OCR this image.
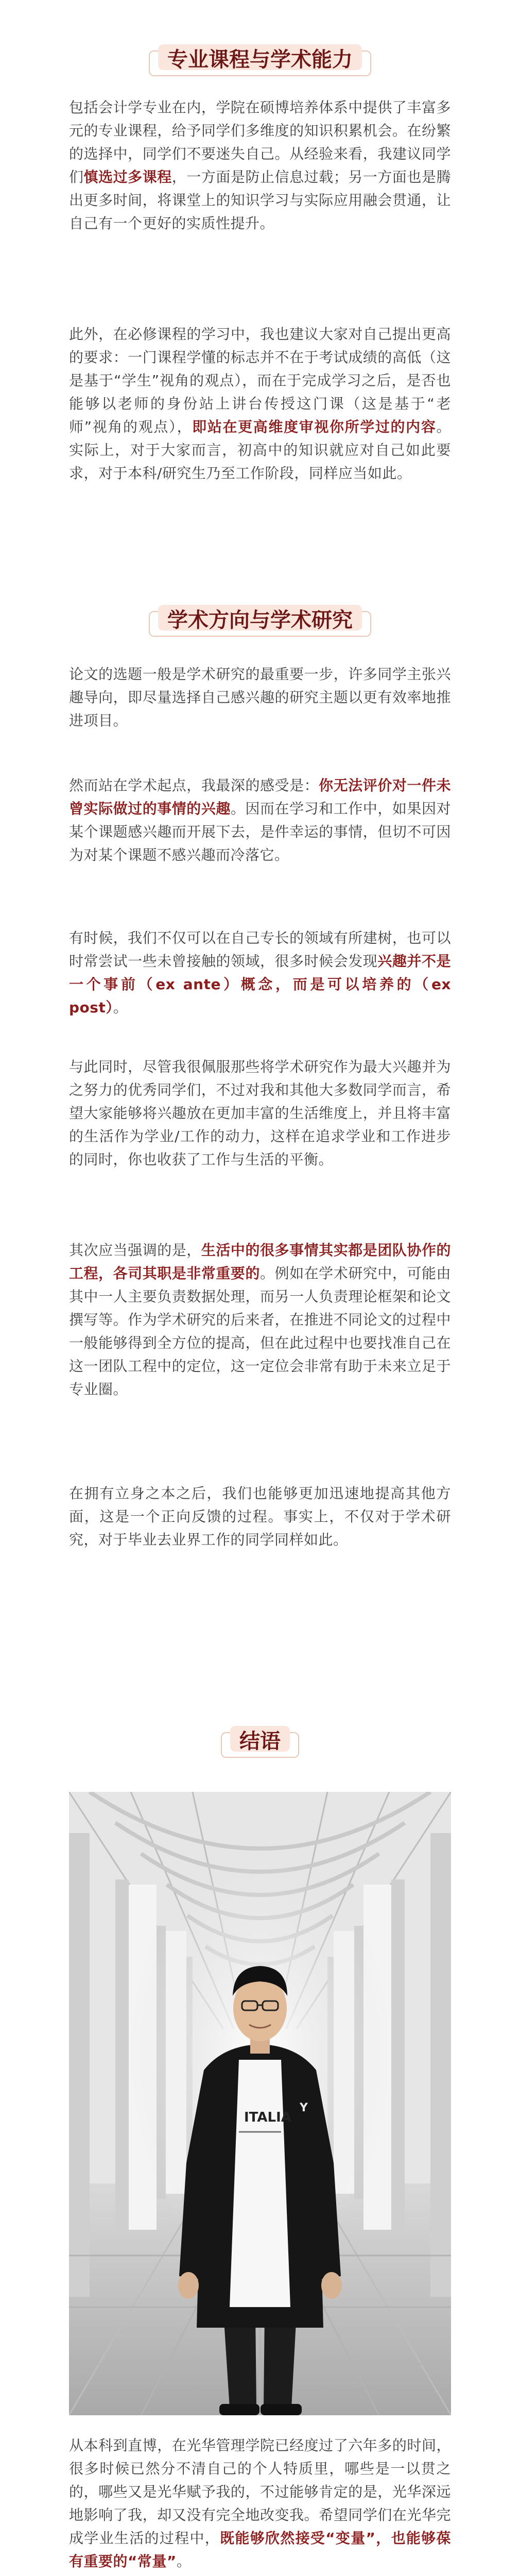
专业课程与学术能力
包括会计学专业在内，学院在硕博培养体系中提供了丰富多元的专业课程，给予同学们多维度的知识积累机会。在纷繁的选择中，同学们不要迷失自己。从经验来看，我建议同学们慎选过多课程，一方面是防止信息过载；另一方面也是腾出更多时间，将课堂上的知识学习与实际应用融会贯通，让自己有一个更好的实质性提升。
此外，在必修课程的学习中，我也建议大家对自己提出更高的要求：一门课程学懂的标志并不在于考试成绩的高低（这是基于“学生”视角的观点），而在于完成学习之后，是否也能够以老师的身份站上讲台传授这门课（这是基于“老师”视角的观点），即站在更高维度审视你所学过的内容。实际上，对于大家而言，初高中的知识就应对自己如此要求，对于本科/研究生乃至工作阶段，同样应当如此。
学术方向与学术研究
论文的选题一般是学术研究的最重要一步，许多同学主张兴趣导向，即尽量选择自己感兴趣的研究主题以更有效率地推进项目。
然而站在学术起点，我最深的感受是：你无法评价对一件未曾实际做过的事情的兴趣。因而在学习和工作中，如果因对某个课题感兴趣而开展下去，是件幸运的事情，但切不可因为对某个课题不感兴趣而冷落它。
有时候，我们不仅可以在自己专长的领域有所建树，也可以时常尝试一些未曾接触的领域，很多时候会发现兴趣并不是一个事前（ex ante）概念，而是可以培养的（ex post）。
与此同时，尽管我很佩服那些将学术研究作为最大兴趣并为之努力的优秀同学们，不过对我和其他大多数同学而言，希望大家能够将兴趣放在更加丰富的生活维度上，并且将丰富的生活作为学业/工作的动力，这样在追求学业和工作进步的同时，你也收获了工作与生活的平衡。
其次应当强调的是，生活中的很多事情其实都是团队协作的工程，各司其职是非常重要的。例如在学术研究中，可能由其中一人主要负责数据处理，而另一人负责理论框架和论文撰写等。作为学术研究的后来者，在推进不同论文的过程中一般能够得到全方位的提高，但在此过程中也要找准自己在这一团队工程中的定位，这一定位会非常有助于未来立足于专业圈。
在拥有立身之本之后，我们也能够更加迅速地提高其他方面，这是一个正向反馈的过程。事实上，不仅对于学术研究，对于毕业去业界工作的同学同样如此。
结语
ITALIA
Y
从本科到直博，在光华管理学院已经度过了六年多的时间，很多时候已然分不清自己的个人特质里，哪些是一以贯之的，哪些又是光华赋予我的，不过能够肯定的是，光华深远地影响了我，却又没有完全地改变我。希望同学们在光华完成学业生活的过程中，既能够欣然接受“变量”，也能够葆有重要的“常量”。
